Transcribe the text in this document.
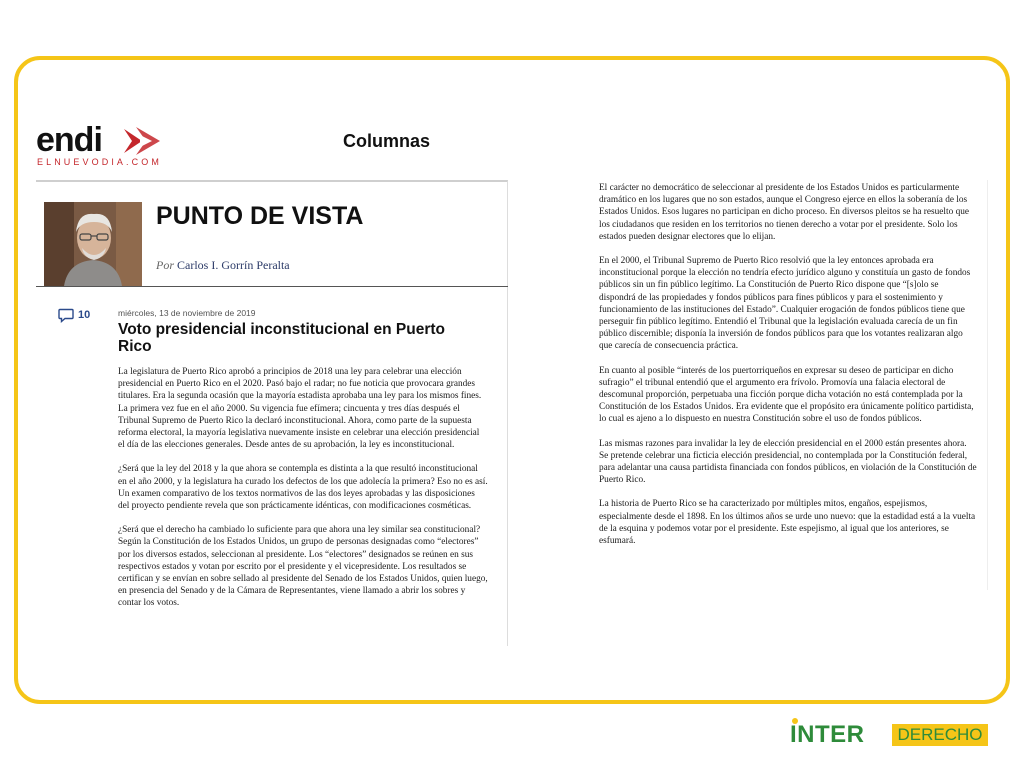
endi
ELNUEVODIA.COM
Columnas
PUNTO DE VISTA
Por Carlos I. Gorrín Peralta
10	miércoles, 13 de noviembre de 2019
Voto presidencial inconstitucional en Puerto Rico

La legislatura de Puerto Rico aprobó a principios de 2018 una ley para celebrar una elección presidencial en Puerto Rico en el 2020. Pasó bajo el radar; no fue noticia que provocara grandes titulares. Era la segunda ocasión que la mayoría estadista aprobaba una ley para los mismos fines. La primera vez fue en el año 2000. Su vigencia fue efímera; cincuenta y tres días después el Tribunal Supremo de Puerto Rico la declaró inconstitucional. Ahora, como parte de la supuesta reforma electoral, la mayoría legislativa nuevamente insiste en celebrar una elección presidencial el día de las elecciones generales. Desde antes de su aprobación, la ley es inconstitucional.

¿Será que la ley del 2018 y la que ahora se contempla es distinta a la que resultó inconstitucional en el año 2000, y la legislatura ha curado los defectos de los que adolecía la primera? Eso no es así. Un examen comparativo de los textos normativos de las dos leyes aprobadas y las disposiciones del proyecto pendiente revela que son prácticamente idénticas, con modificaciones cosméticas.

¿Será que el derecho ha cambiado lo suficiente para que ahora una ley similar sea constitucional? Según la Constitución de los Estados Unidos, un grupo de personas designadas como “electores” por los diversos estados, seleccionan al presidente. Los “electores” designados se reúnen en sus respectivos estados y votan por escrito por el presidente y el vicepresidente. Los resultados se certifican y se envían en sobre sellado al presidente del Senado de los Estados Unidos, quien luego, en presencia del Senado y de la Cámara de Representantes, viene llamado a abrir los sobres y contar los votos.

El carácter no democrático de seleccionar al presidente de los Estados Unidos es particularmente dramático en los lugares que no son estados, aunque el Congreso ejerce en ellos la soberanía de los Estados Unidos. Esos lugares no participan en dicho proceso. En diversos pleitos se ha resuelto que los ciudadanos que residen en los territorios no tienen derecho a votar por el presidente. Solo los estados pueden designar electores que lo elijan.

En el 2000, el Tribunal Supremo de Puerto Rico resolvió que la ley entonces aprobada era inconstitucional porque la elección no tendría efecto jurídico alguno y constituía un gasto de fondos públicos sin un fin público legítimo. La Constitución de Puerto Rico dispone que “[s]olo se dispondrá de las propiedades y fondos públicos para fines públicos y para el sostenimiento y funcionamiento de las instituciones del Estado”. Cualquier erogación de fondos públicos tiene que perseguir fin público legítimo. Entendió el Tribunal que la legislación evaluada carecía de un fin público discernible; disponía la inversión de fondos públicos para que los votantes realizaran algo que carecía de consecuencia práctica.

En cuanto al posible “interés de los puertorriqueños en expresar su deseo de participar en dicho sufragio” el tribunal entendió que el argumento era frívolo. Promovía una falacia electoral de descomunal proporción, perpetuaba una ficción porque dicha votación no está contemplada por la Constitución de los Estados Unidos. Era evidente que el propósito era únicamente político partidista, lo cual es ajeno a lo dispuesto en nuestra Constitución sobre el uso de fondos públicos.

Las mismas razones para invalidar la ley de elección presidencial en el 2000 están presentes ahora. Se pretende celebrar una ficticia elección presidencial, no contemplada por la Constitución federal, para adelantar una causa partidista financiada con fondos públicos, en violación de la Constitución de Puerto Rico.

La historia de Puerto Rico se ha caracterizado por múltiples mitos, engaños, espejismos, especialmente desde el 1898. En los últimos años se urde uno nuevo: que la estadidad está a la vuelta de la esquina y podemos votar por el presidente. Este espejismo, al igual que los anteriores, se esfumará.

INTER	DERECHO
